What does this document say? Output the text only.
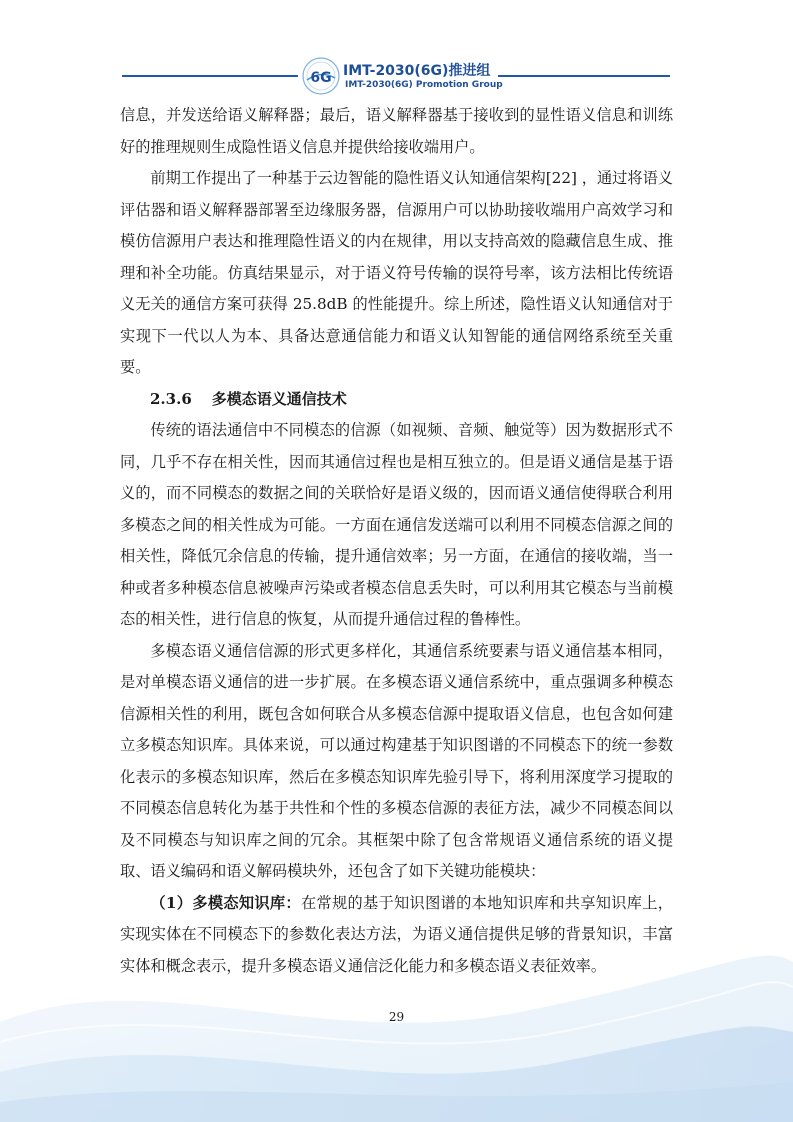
6G IMT-2030(6G)推进组
IMT-2030(6G) Promotion Group

信息，并发送给语义解释器；最后，语义解释器基于接收到的显性语义信息和训练好的推理规则生成隐性语义信息并提供给接收端用户。

前期工作提出了一种基于云边智能的隐性语义认知通信架构[22] ，通过将语义评估器和语义解释器部署至边缘服务器，信源用户可以协助接收端用户高效学习和模仿信源用户表达和推理隐性语义的内在规律，用以支持高效的隐藏信息生成、推理和补全功能。仿真结果显示，对于语义符号传输的误符号率，该方法相比传统语义无关的通信方案可获得 25.8dB 的性能提升。综上所述，隐性语义认知通信对于实现下一代以人为本、具备达意通信能力和语义认知智能的通信网络系统至关重要。

2.3.6 多模态语义通信技术

传统的语法通信中不同模态的信源（如视频、音频、触觉等）因为数据形式不同，几乎不存在相关性，因而其通信过程也是相互独立的。但是语义通信是基于语义的，而不同模态的数据之间的关联恰好是语义级的，因而语义通信使得联合利用多模态之间的相关性成为可能。一方面在通信发送端可以利用不同模态信源之间的相关性，降低冗余信息的传输，提升通信效率；另一方面，在通信的接收端，当一种或者多种模态信息被噪声污染或者模态信息丢失时，可以利用其它模态与当前模态的相关性，进行信息的恢复，从而提升通信过程的鲁棒性。

多模态语义通信信源的形式更多样化，其通信系统要素与语义通信基本相同，是对单模态语义通信的进一步扩展。在多模态语义通信系统中，重点强调多种模态信源相关性的利用，既包含如何联合从多模态信源中提取语义信息，也包含如何建立多模态知识库。具体来说，可以通过构建基于知识图谱的不同模态下的统一参数化表示的多模态知识库，然后在多模态知识库先验引导下，将利用深度学习提取的不同模态信息转化为基于共性和个性的多模态信源的表征方法，减少不同模态间以及不同模态与知识库之间的冗余。其框架中除了包含常规语义通信系统的语义提取、语义编码和语义解码模块外，还包含了如下关键功能模块：

（1）多模态知识库：在常规的基于知识图谱的本地知识库和共享知识库上，实现实体在不同模态下的参数化表达方法，为语义通信提供足够的背景知识，丰富实体和概念表示，提升多模态语义通信泛化能力和多模态语义表征效率。

29
